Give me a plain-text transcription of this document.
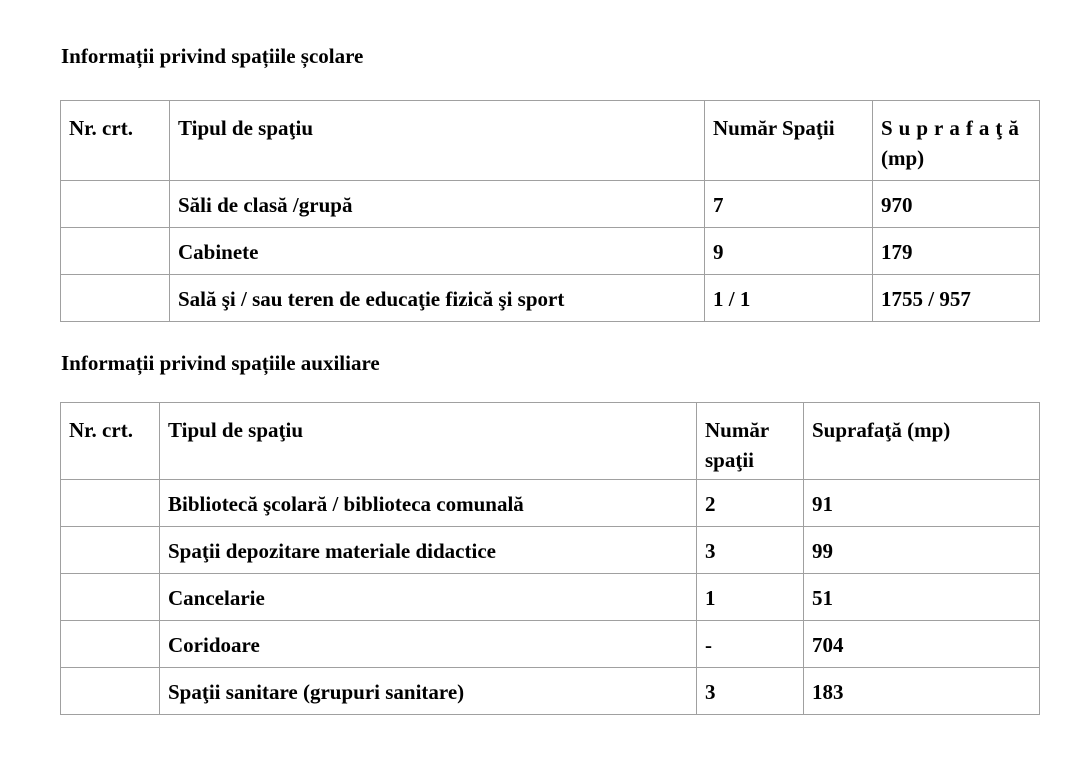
Informații privind spațiile școlare
Nr. crt.	Tipul de spaţiu	Număr Spaţii	Suprafaţă
(mp)
	Săli de clasă /grupă	7	970
	Cabinete	9	179
	Sală şi / sau teren de educaţie fizică şi sport	1 / 1	1755 / 957
Informații privind spațiile auxiliare
Nr. crt.	Tipul de spaţiu	Număr spaţii	Suprafaţă (mp)
	Bibliotecă şcolară / biblioteca comunală	2	91
	Spaţii depozitare materiale didactice	3	99
	Cancelarie	1	51
	Coridoare	-	704
	Spaţii sanitare (grupuri sanitare)	3	183
